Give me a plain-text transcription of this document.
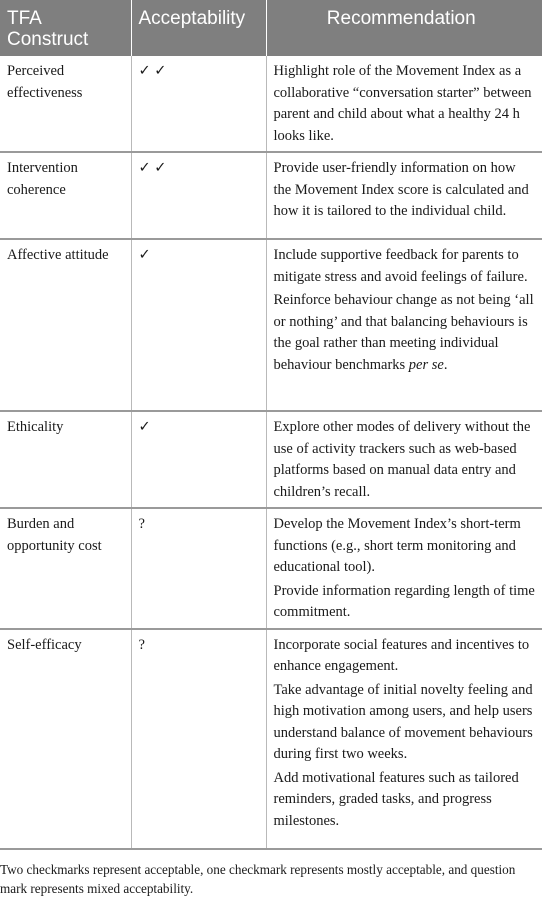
TFA Construct	Acceptability	Recommendation
Perceived effectiveness	✓ ✓	Highlight role of the Movement Index as a collaborative “conversation starter” between parent and child about what a healthy 24 h looks like.

Intervention coherence	✓ ✓	Provide user-friendly information on how the Movement Index score is calculated and how it is tailored to the individual child.

Affective attitude	✓	Include supportive feedback for parents to mitigate stress and avoid feelings of failure.
Reinforce behaviour change as not being ‘all or nothing’ and that balancing behaviours is the goal rather than meeting individual behaviour benchmarks per se.

Ethicality	✓	Explore other modes of delivery without the use of activity trackers such as web-based platforms based on manual data entry and children’s recall.

Burden and opportunity cost	?	Develop the Movement Index’s short-term functions (e.g., short term monitoring and educational tool).
Provide information regarding length of time commitment.

Self-efficacy	?	Incorporate social features and incentives to enhance engagement.
Take advantage of initial novelty feeling and high motivation among users, and help users understand balance of movement behaviours during first two weeks.
Add motivational features such as tailored reminders, graded tasks, and progress milestones.
Two checkmarks represent acceptable, one checkmark represents mostly acceptable, and question mark represents mixed acceptability.
